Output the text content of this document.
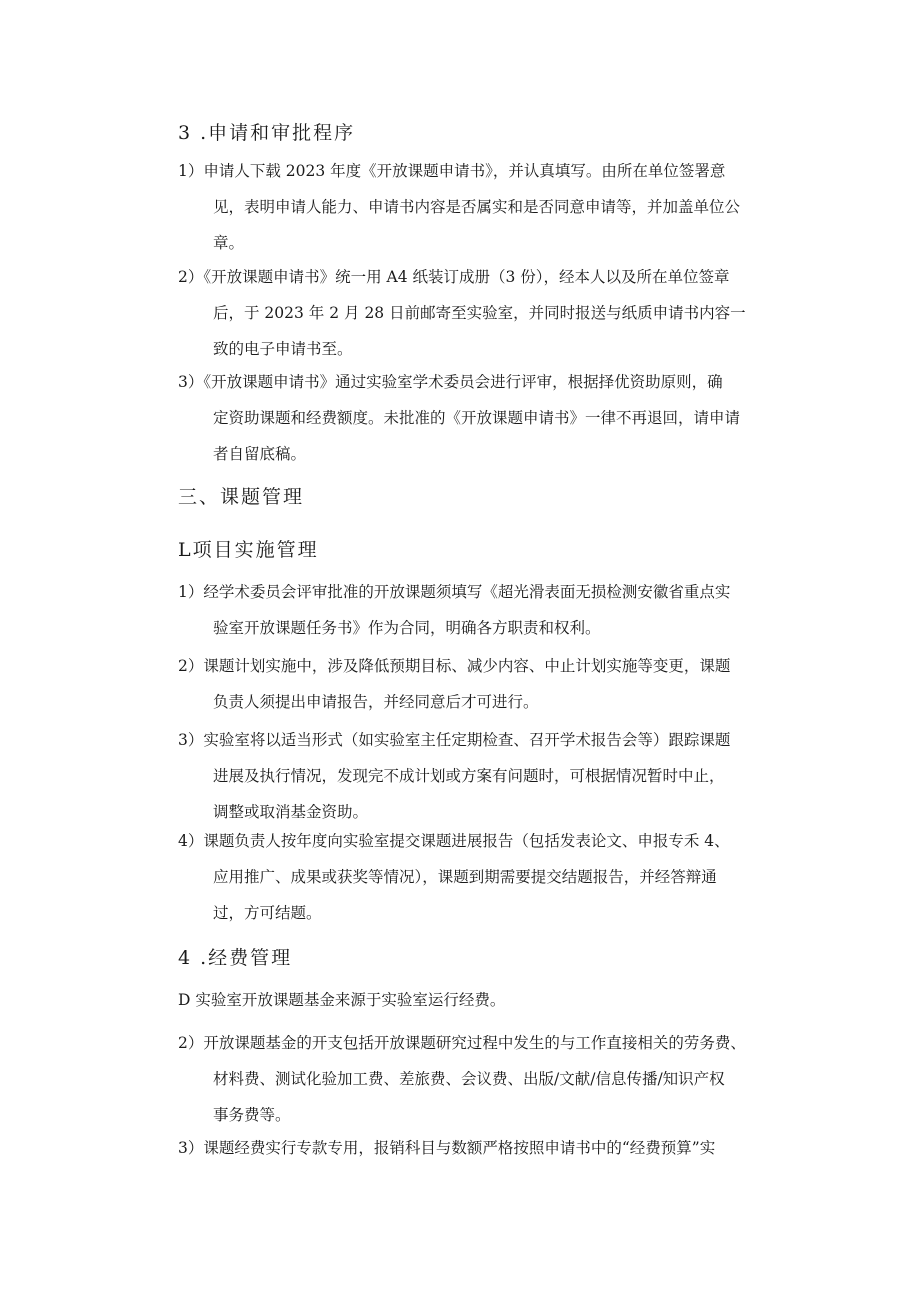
3 .申请和审批程序
1）申请人下载 2023 年度《开放课题申请书》，并认真填写。由所在单位签署意
见，表明申请人能力、申请书内容是否属实和是否同意申请等，并加盖单位公
章。
2）《开放课题申请书》统一用 A4 纸装订成册（3 份），经本人以及所在单位签章
后，于 2023 年 2 月 28 日前邮寄至实验室，并同时报送与纸质申请书内容一
致的电子申请书至。
3）《开放课题申请书》通过实验室学术委员会进行评审，根据择优资助原则，确
定资助课题和经费额度。未批准的《开放课题申请书》一律不再退回，请申请
者自留底稿。
三、课题管理
L项目实施管理
1）经学术委员会评审批准的开放课题须填写《超光滑表面无损检测安徽省重点实
验室开放课题任务书》作为合同，明确各方职责和权利。
2）课题计划实施中，涉及降低预期目标、减少内容、中止计划实施等变更，课题
负责人须提出申请报告，并经同意后才可进行。
3）实验室将以适当形式（如实验室主任定期检查、召开学术报告会等）跟踪课题
进展及执行情况，发现完不成计划或方案有问题时，可根据情况暂时中止，
调整或取消基金资助。
4）课题负责人按年度向实验室提交课题进展报告（包括发表论文、申报专禾 4、
应用推广、成果或获奖等情况），课题到期需要提交结题报告，并经答辩通
过，方可结题。
4 .经费管理
D 实验室开放课题基金来源于实验室运行经费。
2）开放课题基金的开支包括开放课题研究过程中发生的与工作直接相关的劳务费、
材料费、测试化验加工费、差旅费、会议费、出版/文献/信息传播/知识产权
事务费等。
3）课题经费实行专款专用，报销科目与数额严格按照申请书中的“经费预算”实
